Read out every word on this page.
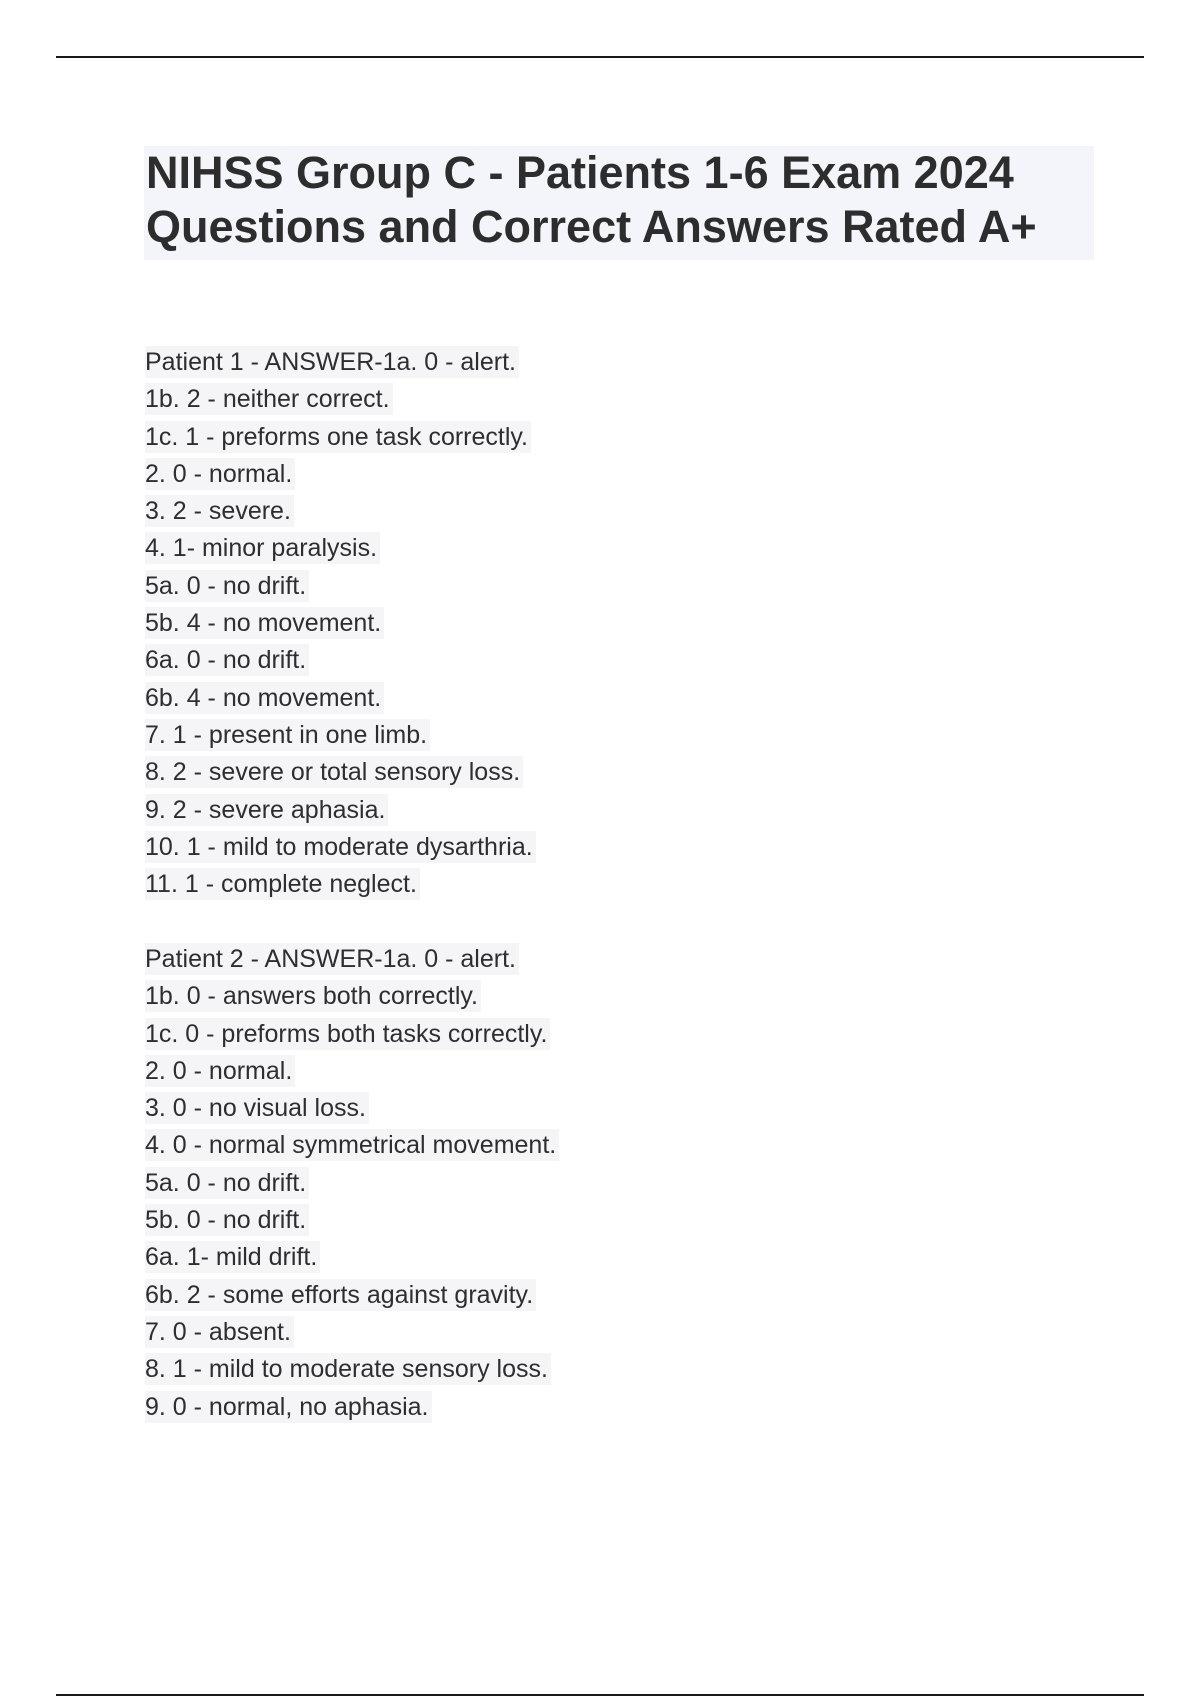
NIHSS Group C - Patients 1-6 Exam 2024 Questions and Correct Answers Rated A+
Patient 1 - ANSWER-1a. 0 - alert.
1b. 2 - neither correct.
1c. 1 - preforms one task correctly.
2. 0 - normal.
3. 2 - severe.
4. 1- minor paralysis.
5a. 0 - no drift.
5b. 4 - no movement.
6a. 0 - no drift.
6b. 4 - no movement.
7. 1 - present in one limb.
8. 2 - severe or total sensory loss.
9. 2 - severe aphasia.
10. 1 - mild to moderate dysarthria.
11. 1 - complete neglect.
Patient 2 - ANSWER-1a. 0 - alert.
1b. 0 - answers both correctly.
1c. 0 - preforms both tasks correctly.
2. 0 - normal.
3. 0 - no visual loss.
4. 0 - normal symmetrical movement.
5a. 0 - no drift.
5b. 0 - no drift.
6a. 1- mild drift.
6b. 2 - some efforts against gravity.
7. 0 - absent.
8. 1 - mild to moderate sensory loss.
9. 0 - normal, no aphasia.
